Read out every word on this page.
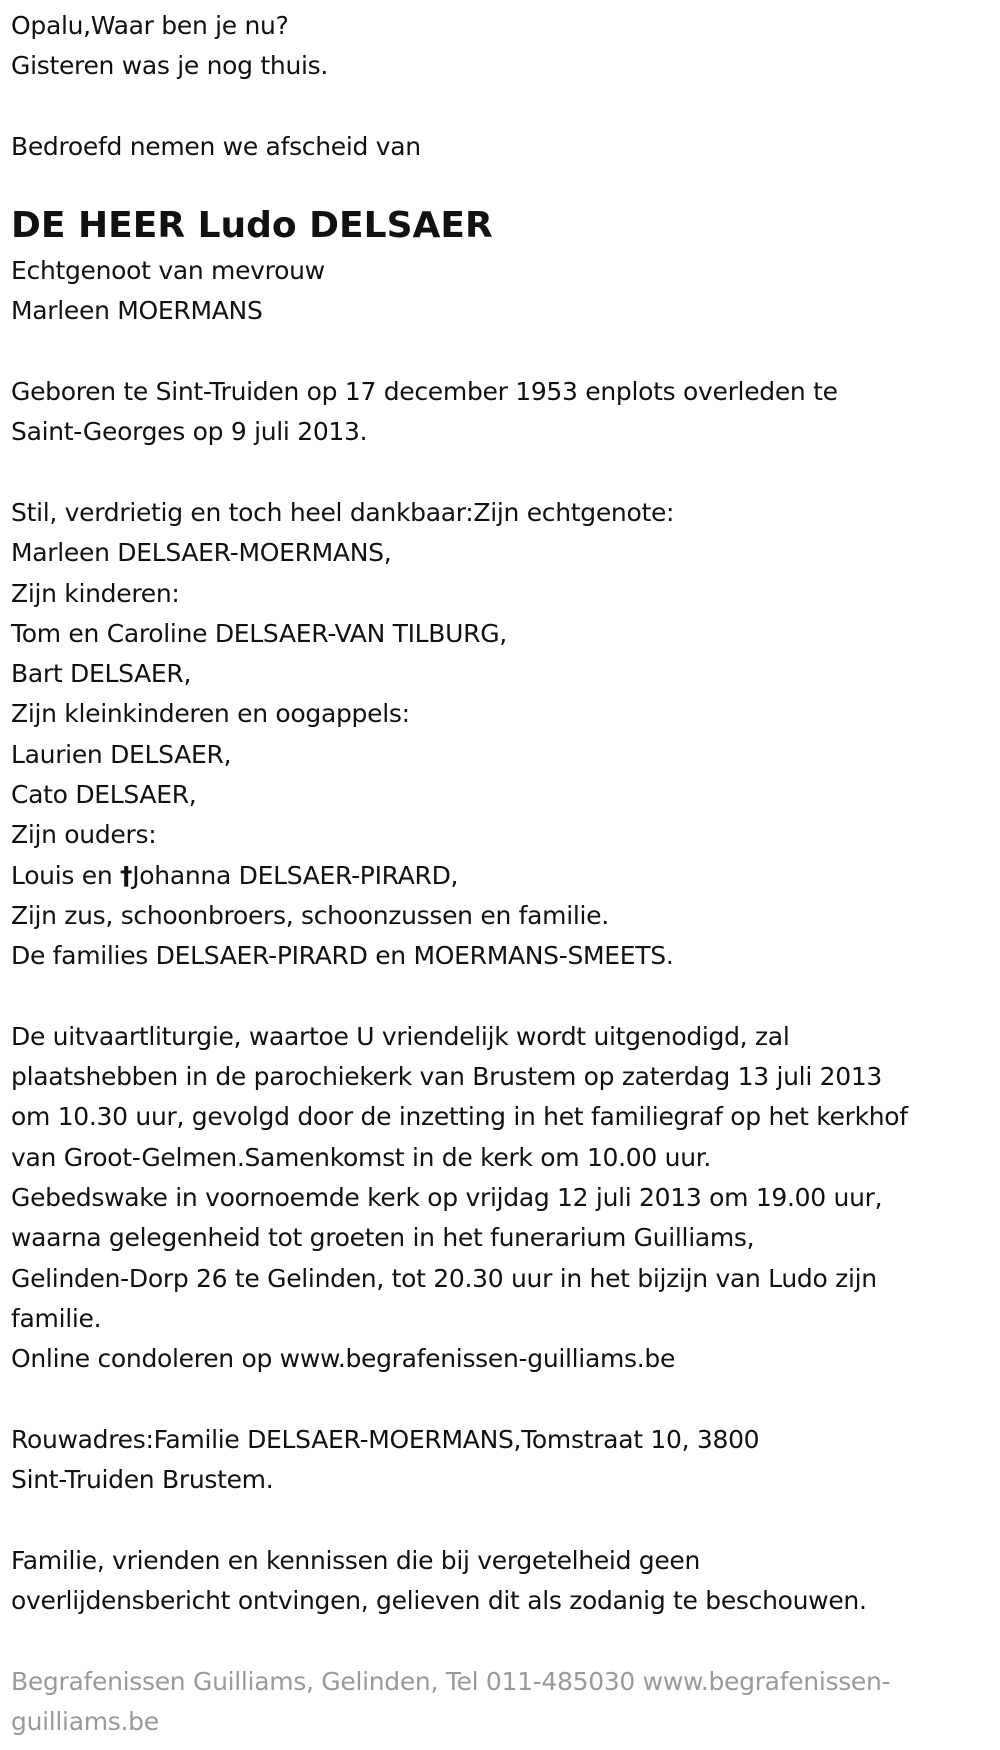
Opalu,Waar ben je nu?
Gisteren was je nog thuis.
Bedroefd nemen we afscheid van
DE HEER Ludo DELSAER
Echtgenoot van mevrouw
Marleen MOERMANS
Geboren te Sint-Truiden op 17 december 1953 enplots overleden te
Saint-Georges op 9 juli 2013.
Stil, verdrietig en toch heel dankbaar:Zijn echtgenote:
Marleen DELSAER-MOERMANS,
Zijn kinderen:
Tom en Caroline DELSAER-VAN TILBURG,
Bart DELSAER,
Zijn kleinkinderen en oogappels:
Laurien DELSAER,
Cato DELSAER,
Zijn ouders:
Louis en †Johanna DELSAER-PIRARD,
Zijn zus, schoonbroers, schoonzussen en familie.
De families DELSAER-PIRARD en MOERMANS-SMEETS.
De uitvaartliturgie, waartoe U vriendelijk wordt uitgenodigd, zal
plaatshebben in de parochiekerk van Brustem op zaterdag 13 juli 2013
om 10.30 uur, gevolgd door de inzetting in het familiegraf op het kerkhof
van Groot-Gelmen.Samenkomst in de kerk om 10.00 uur.
Gebedswake in voornoemde kerk op vrijdag 12 juli 2013 om 19.00 uur,
waarna gelegenheid tot groeten in het funerarium Guilliams,
Gelinden-Dorp 26 te Gelinden, tot 20.30 uur in het bijzijn van Ludo zijn
familie.
Online condoleren op www.begrafenissen-guilliams.be
Rouwadres:Familie DELSAER-MOERMANS,Tomstraat 10, 3800
Sint-Truiden Brustem.
Familie, vrienden en kennissen die bij vergetelheid geen
overlijdensbericht ontvingen, gelieven dit als zodanig te beschouwen.
Begrafenissen Guilliams, Gelinden, Tel 011-485030 www.begrafenissen-
guilliams.be
